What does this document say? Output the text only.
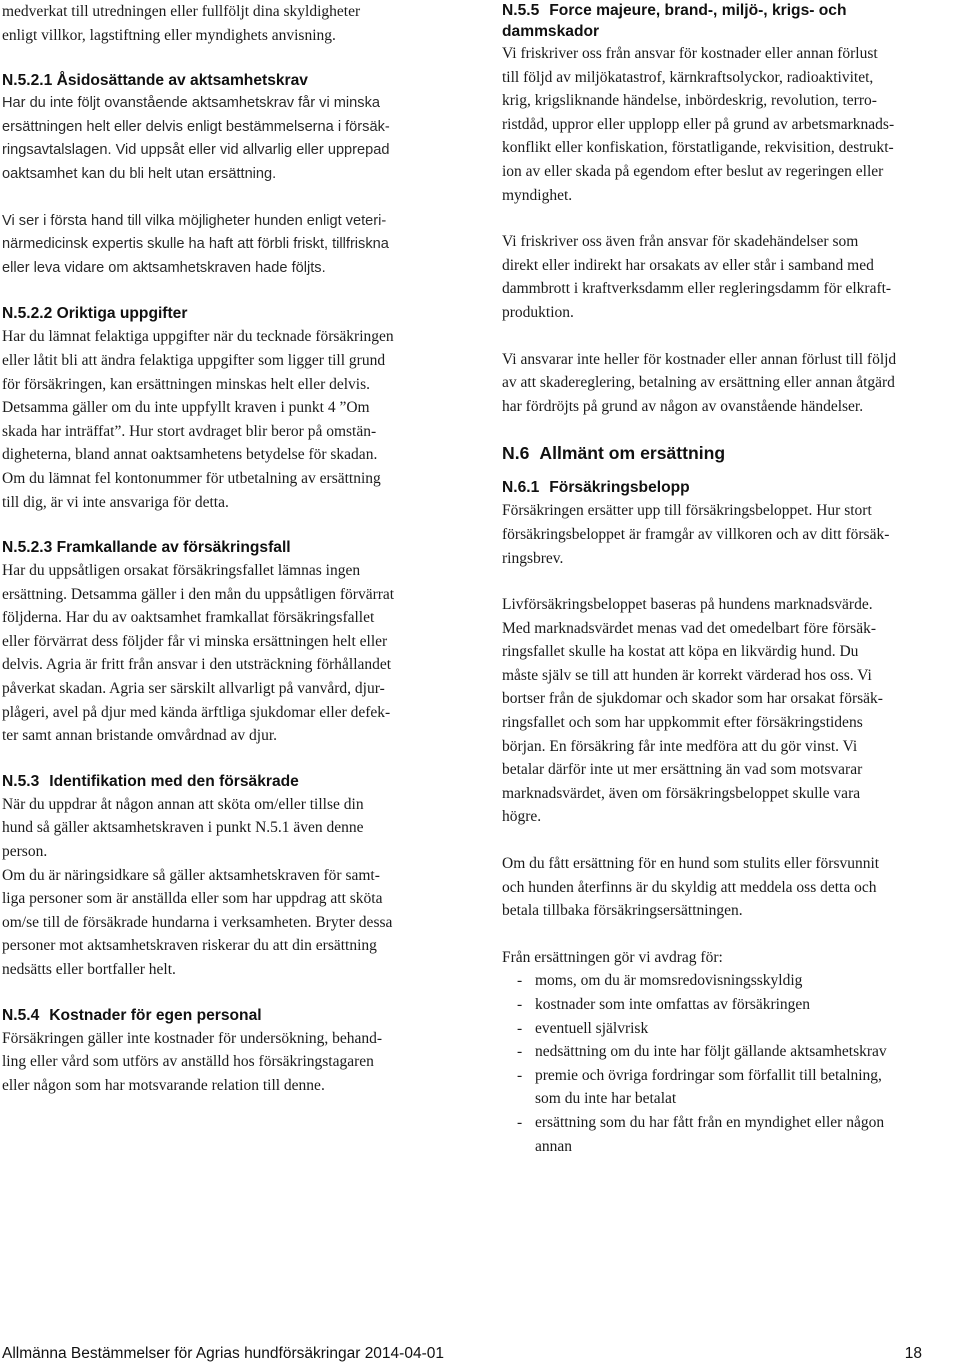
medverkat till utredningen eller fullföljt dina skyldigheter
enligt villkor, lagstiftning eller myndighets anvisning.

N.5.2.1 Åsidosättande av aktsamhetskrav

Har du inte följt ovanstående aktsamhetskrav får vi minska
ersättningen helt eller delvis enligt bestämmelserna i försäk-
ringsavtalslagen. Vid uppsåt eller vid allvarlig eller upprepad
oaktsamhet kan du bli helt utan ersättning.

Vi ser i första hand till vilka möjligheter hunden enligt veteri-
närmedicinsk expertis skulle ha haft att förbli friskt, tillfriskna
eller leva vidare om aktsamhetskraven hade följts.

N.5.2.2 Oriktiga uppgifter

Har du lämnat felaktiga uppgifter när du tecknade försäkringen
eller låtit bli att ändra felaktiga uppgifter som ligger till grund
för försäkringen, kan ersättningen minskas helt eller delvis.
Detsamma gäller om du inte uppfyllt kraven i punkt 4 ”Om
skada har inträffat”. Hur stort avdraget blir beror på omstän-
digheterna, bland annat oaktsamhetens betydelse för skadan.
Om du lämnat fel kontonummer för utbetalning av ersättning
till dig, är vi inte ansvariga för detta.

N.5.2.3 Framkallande av försäkringsfall

Har du uppsåtligen orsakat försäkringsfallet lämnas ingen
ersättning. Detsamma gäller i den mån du uppsåtligen förvärrat
följderna. Har du av oaktsamhet framkallat försäkringsfallet
eller förvärrat dess följder får vi minska ersättningen helt eller
delvis. Agria är fritt från ansvar i den utsträckning förhållandet
påverkat skadan. Agria ser särskilt allvarligt på vanvård, djur-
plågeri, avel på djur med kända ärftliga sjukdomar eller defek-
ter samt annan bristande omvårdnad av djur.

N.5.3 Identifikation med den försäkrade

När du uppdrar åt någon annan att sköta om/eller tillse din
hund så gäller aktsamhetskraven i punkt N.5.1 även denne
person.
Om du är näringsidkare så gäller aktsamhetskraven för samt-
liga personer som är anställda eller som har uppdrag att sköta
om/se till de försäkrade hundarna i verksamheten. Bryter dessa
personer mot aktsamhetskraven riskerar du att din ersättning
nedsätts eller bortfaller helt.

N.5.4 Kostnader för egen personal

Försäkringen gäller inte kostnader för undersökning, behand-
ling eller vård som utförs av anställd hos försäkringstagaren
eller någon som har motsvarande relation till denne.

N.5.5 Force majeure, brand-, miljö-, krigs- och
dammskador

Vi friskriver oss från ansvar för kostnader eller annan förlust
till följd av miljökatastrof, kärnkraftsolyckor, radioaktivitet,
krig, krigsliknande händelse, inbördeskrig, revolution, terro-
ristdåd, uppror eller upplopp eller på grund av arbetsmarknads-
konflikt eller konfiskation, förstatligande, rekvisition, destrukt-
ion av eller skada på egendom efter beslut av regeringen eller
myndighet.

Vi friskriver oss även från ansvar för skadehändelser som
direkt eller indirekt har orsakats av eller står i samband med
dammbrott i kraftverksdamm eller regleringsdamm för elkraft-
produktion.

Vi ansvarar inte heller för kostnader eller annan förlust till följd
av att skadereglering, betalning av ersättning eller annan åtgärd
har fördröjts på grund av någon av ovanstående händelser.

N.6 Allmänt om ersättning
N.6.1 Försäkringsbelopp

Försäkringen ersätter upp till försäkringsbeloppet. Hur stort
försäkringsbeloppet är framgår av villkoren och av ditt försäk-
ringsbrev.

Livförsäkringsbeloppet baseras på hundens marknadsvärde.
Med marknadsvärdet menas vad det omedelbart före försäk-
ringsfallet skulle ha kostat att köpa en likvärdig hund. Du
måste själv se till att hunden är korrekt värderad hos oss. Vi
bortser från de sjukdomar och skador som har orsakat försäk-
ringsfallet och som har uppkommit efter försäkringstidens
början. En försäkring får inte medföra att du gör vinst. Vi
betalar därför inte ut mer ersättning än vad som motsvarar
marknadsvärdet, även om försäkringsbeloppet skulle vara
högre.

Om du fått ersättning för en hund som stulits eller försvunnit
och hunden återfinns är du skyldig att meddela oss detta och
betala tillbaka försäkringsersättningen.

Från ersättningen gör vi avdrag för:

- moms, om du är momsredovisningsskyldig
- kostnader som inte omfattas av försäkringen
- eventuell självrisk
- nedsättning om du inte har följt gällande aktsamhetskrav
- premie och övriga fordringar som förfallit till betalning,
som du inte har betalat
- ersättning som du har fått från en myndighet eller någon
annan
Allmänna Bestämmelser för Agrias hundförsäkringar 2014-04-01	18
